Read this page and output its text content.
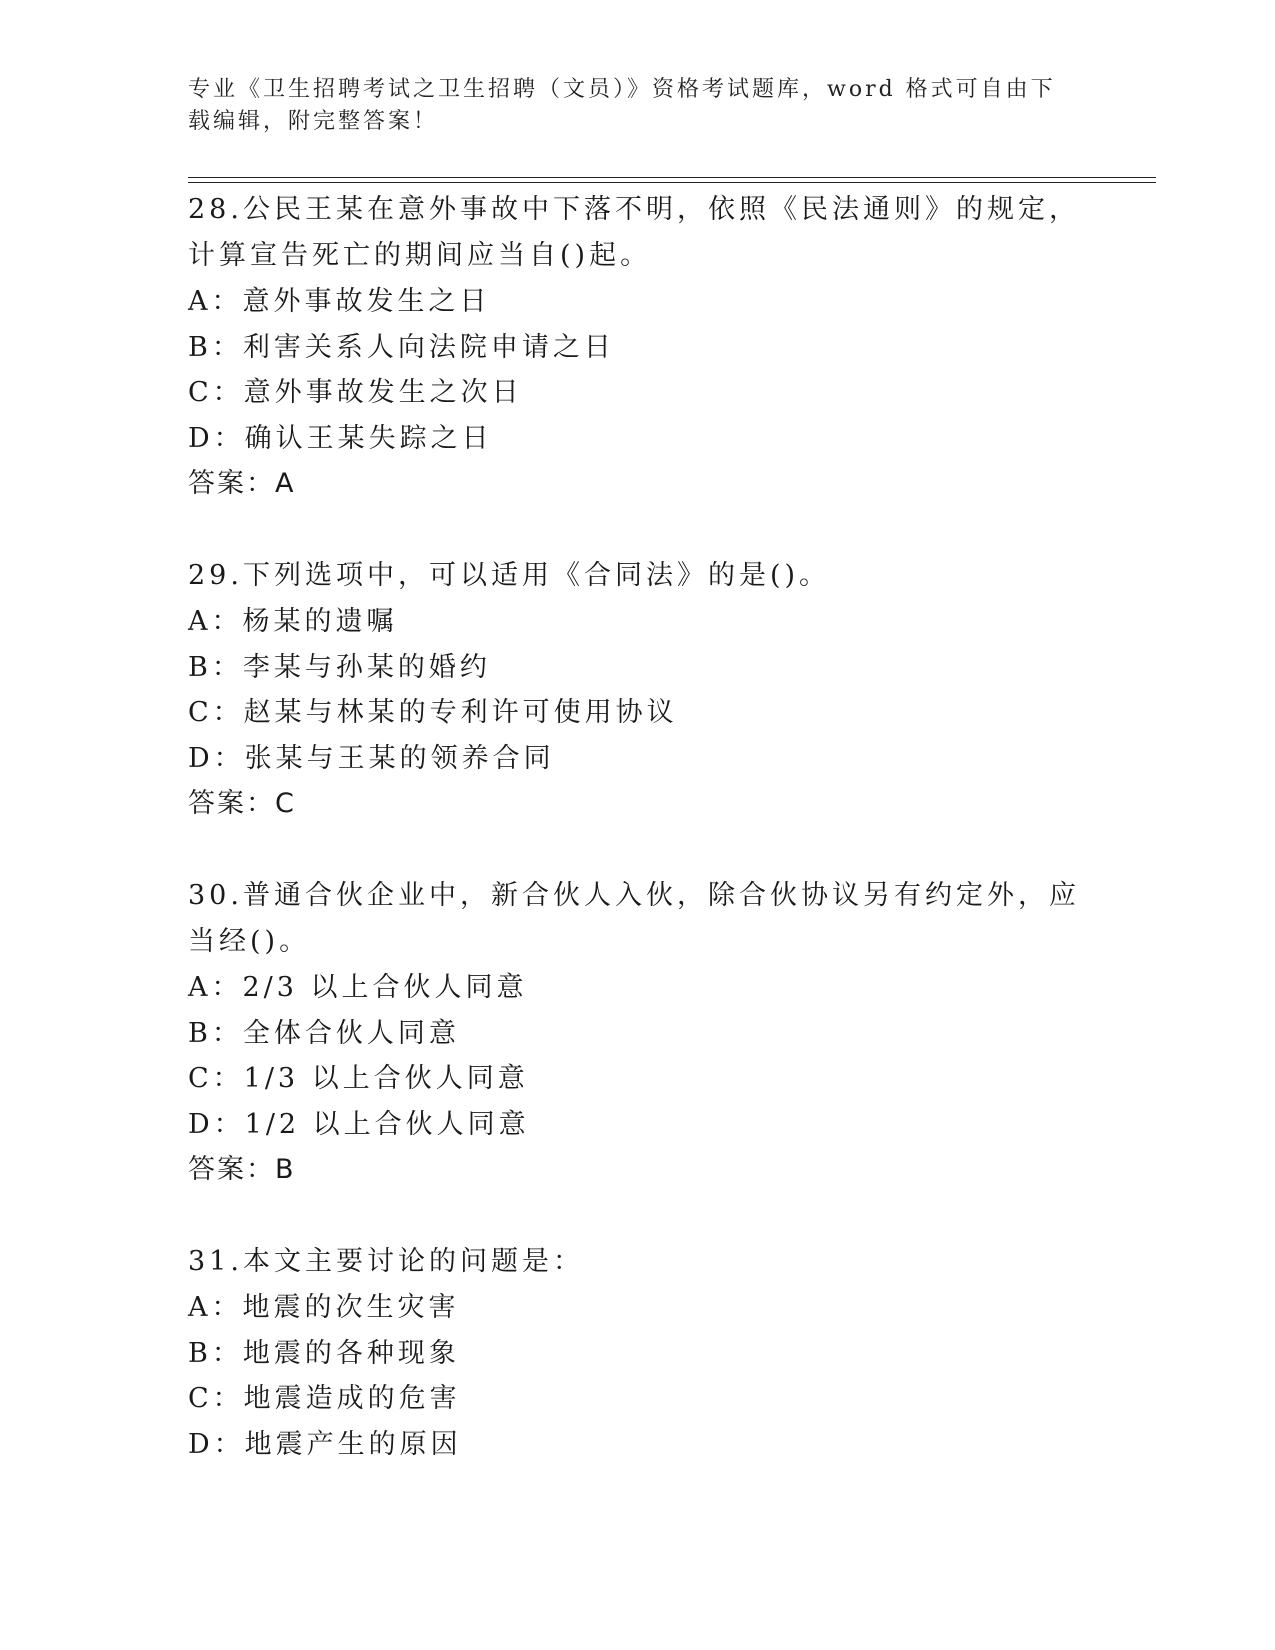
专业《卫生招聘考试之卫生招聘（文员）》资格考试题库，word 格式可自由下载编辑，附完整答案！
28.公民王某在意外事故中下落不明，依照《民法通则》的规定，计算宣告死亡的期间应当自()起。
A：意外事故发生之日
B：利害关系人向法院申请之日
C：意外事故发生之次日
D：确认王某失踪之日
答案：A
29.下列选项中，可以适用《合同法》的是()。
A：杨某的遗嘱
B：李某与孙某的婚约
C：赵某与林某的专利许可使用协议
D：张某与王某的领养合同
答案：C
30.普通合伙企业中，新合伙人入伙，除合伙协议另有约定外，应当经()。
A：2/3 以上合伙人同意
B：全体合伙人同意
C：1/3 以上合伙人同意
D：1/2 以上合伙人同意
答案：B
31.本文主要讨论的问题是：
A：地震的次生灾害
B：地震的各种现象
C：地震造成的危害
D：地震产生的原因
